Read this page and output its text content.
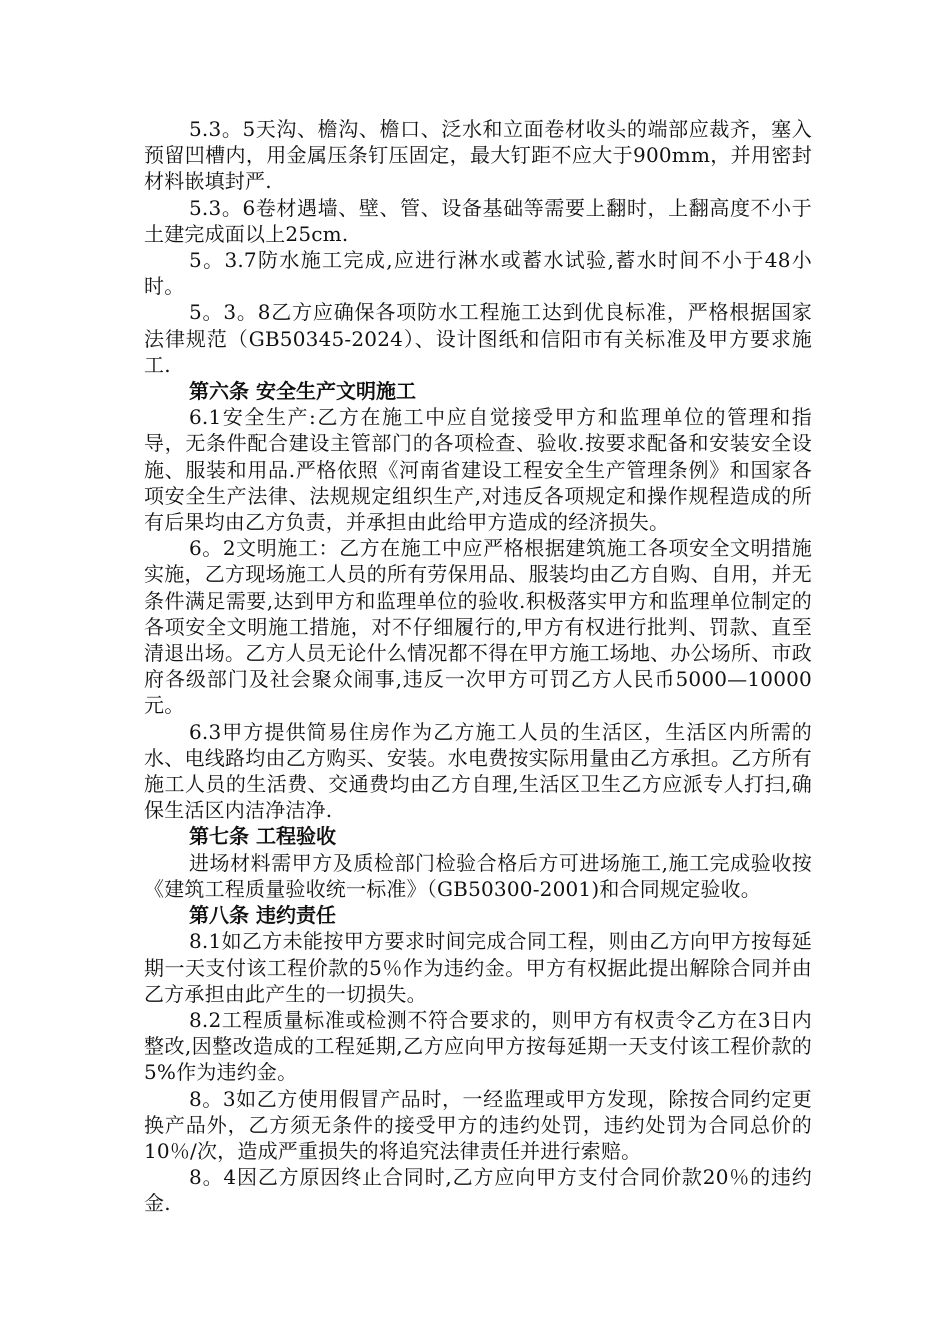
5.3。5天沟、檐沟、檐口、泛水和立面卷材收头的端部应裁齐，塞入预留凹槽内，用金属压条钉压固定，最大钉距不应大于900mm，并用密封材料嵌填封严.

5.3。6卷材遇墙、壁、管、设备基础等需要上翻时，上翻高度不小于土建完成面以上25cm.

5。3.7防水施工完成,应进行淋水或蓄水试验,蓄水时间不小于48小时。

5。3。8乙方应确保各项防水工程施工达到优良标准，严格根据国家法律规范（GB50345-2024）、设计图纸和信阳市有关标准及甲方要求施工.

第六条 安全生产文明施工

6.1安全生产:乙方在施工中应自觉接受甲方和监理单位的管理和指导，无条件配合建设主管部门的各项检查、验收.按要求配备和安装安全设施、服装和用品.严格依照《河南省建设工程安全生产管理条例》和国家各项安全生产法律、法规规定组织生产,对违反各项规定和操作规程造成的所有后果均由乙方负责，并承担由此给甲方造成的经济损失。

6。2文明施工：乙方在施工中应严格根据建筑施工各项安全文明措施实施，乙方现场施工人员的所有劳保用品、服装均由乙方自购、自用，并无条件满足需要,达到甲方和监理单位的验收.积极落实甲方和监理单位制定的各项安全文明施工措施，对不仔细履行的,甲方有权进行批判、罚款、直至清退出场。乙方人员无论什么情况都不得在甲方施工场地、办公场所、市政府各级部门及社会聚众闹事,违反一次甲方可罚乙方人民币5000—10000元。

6.3甲方提供简易住房作为乙方施工人员的生活区，生活区内所需的水、电线路均由乙方购买、安装。水电费按实际用量由乙方承担。乙方所有施工人员的生活费、交通费均由乙方自理,生活区卫生乙方应派专人打扫,确保生活区内洁净洁净.

第七条 工程验收

进场材料需甲方及质检部门检验合格后方可进场施工,施工完成验收按《建筑工程质量验收统一标准》（GB50300-2001)和合同规定验收。

第八条 违约责任

8.1如乙方未能按甲方要求时间完成合同工程，则由乙方向甲方按每延期一天支付该工程价款的5％作为违约金。甲方有权据此提出解除合同并由乙方承担由此产生的一切损失。

8.2工程质量标准或检测不符合要求的，则甲方有权责令乙方在3日内整改,因整改造成的工程延期,乙方应向甲方按每延期一天支付该工程价款的5%作为违约金。

8。3如乙方使用假冒产品时，一经监理或甲方发现，除按合同约定更换产品外，乙方须无条件的接受甲方的违约处罚，违约处罚为合同总价的10％/次，造成严重损失的将追究法律责任并进行索赔。

8。4因乙方原因终止合同时,乙方应向甲方支付合同价款20％的违约金.
